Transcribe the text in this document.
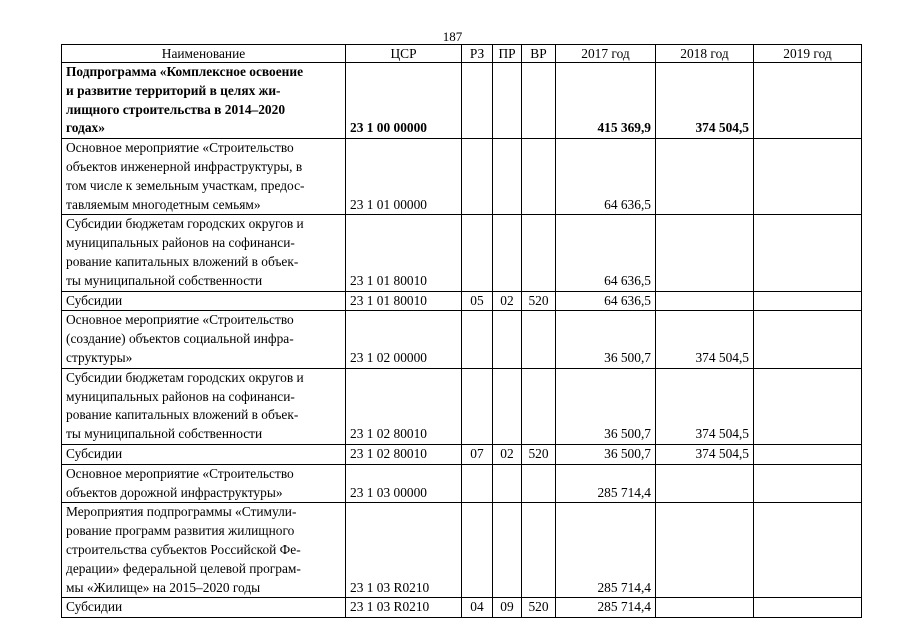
187
Наименование	ЦСР	РЗ	ПР	ВР	2017 год	2018 год	2019 год

Подпрограмма «Комплексное освоение
и развитие территорий в целях жи-
лищного строительства в 2014–2020
годах»	23 1 00 00000				415 369,9	374 504,5	

Основное мероприятие «Строительство
объектов инженерной инфраструктуры, в
том числе к земельным участкам, предос-
тавляемым многодетным семьям»	23 1 01 00000				64 636,5		

Субсидии бюджетам городских округов и
муниципальных районов на софинанси-
рование капитальных вложений в объек-
ты муниципальной собственности	23 1 01 80010				64 636,5		

Субсидии	23 1 01 80010	05	02	520	64 636,5		

Основное мероприятие «Строительство
(создание) объектов социальной инфра-
структуры»	23 1 02 00000				36 500,7	374 504,5	

Субсидии бюджетам городских округов и
муниципальных районов на софинанси-
рование капитальных вложений в объек-
ты муниципальной собственности	23 1 02 80010				36 500,7	374 504,5	

Субсидии	23 1 02 80010	07	02	520	36 500,7	374 504,5	

Основное мероприятие «Строительство
объектов дорожной инфраструктуры»	23 1 03 00000				285 714,4		

Мероприятия подпрограммы «Стимули-
рование программ развития жилищного
строительства субъектов Российской Фе-
дерации» федеральной целевой програм-
мы «Жилище» на 2015–2020 годы	23 1 03 R0210				285 714,4		

Субсидии	23 1 03 R0210	04	09	520	285 714,4		
